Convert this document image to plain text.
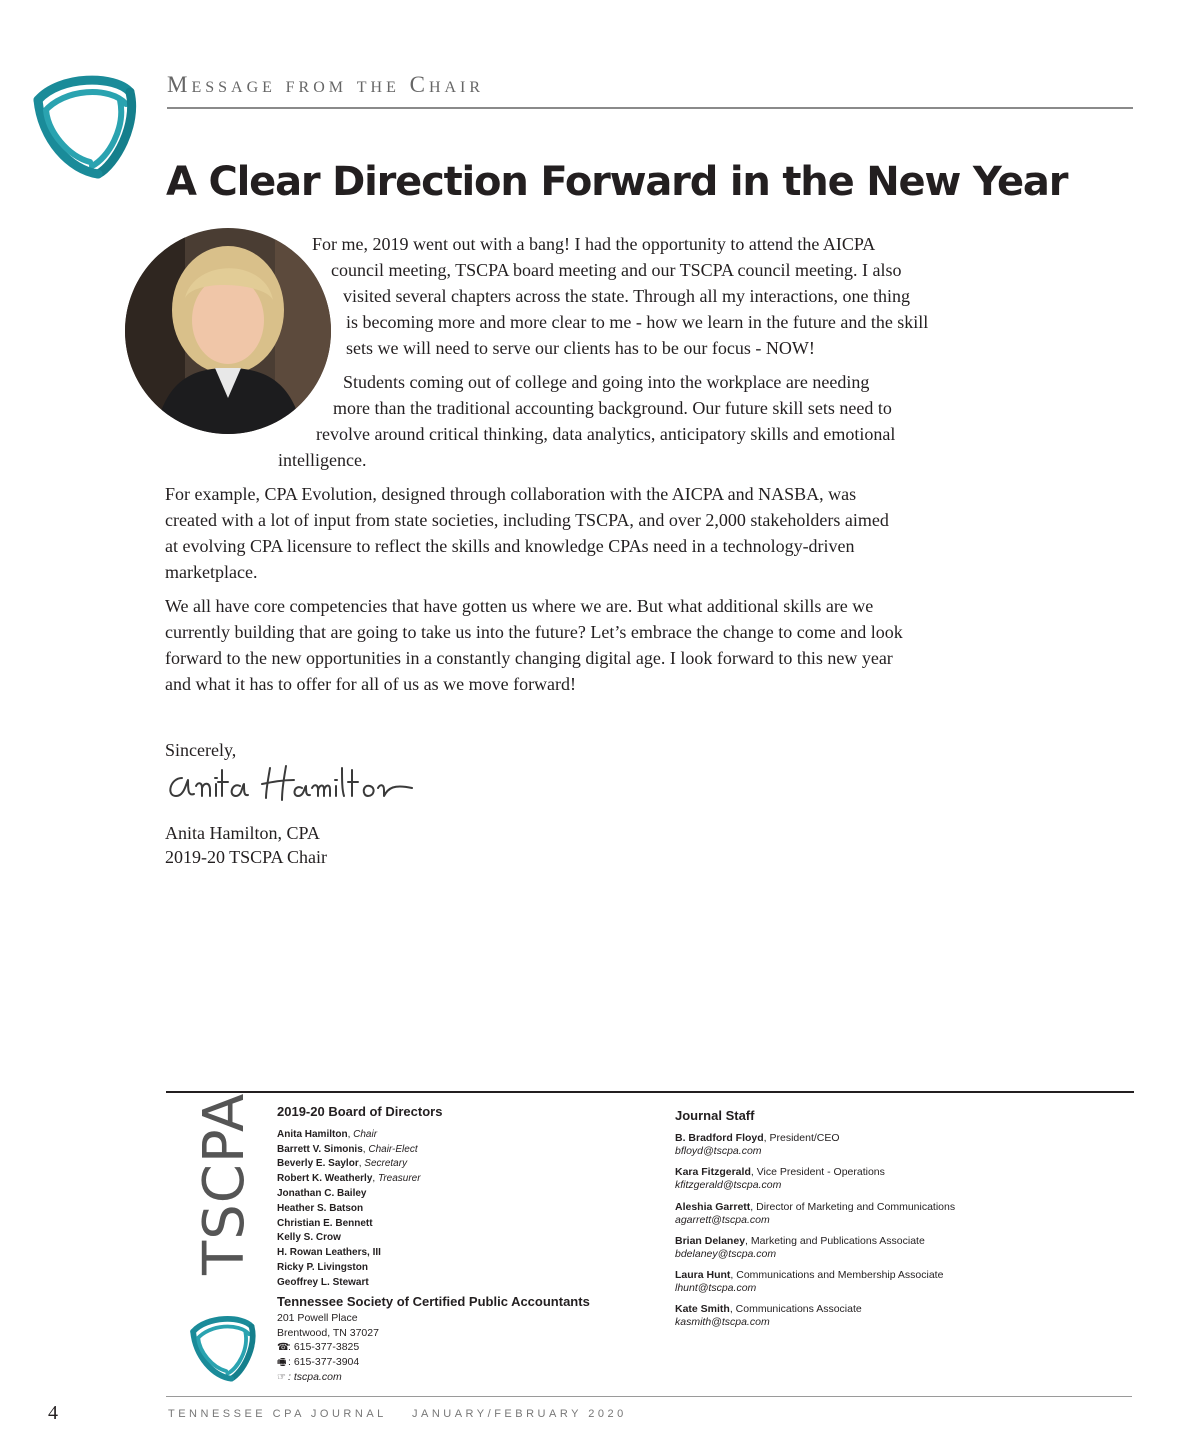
Message from the Chair
A Clear Direction Forward in the New Year
For me, 2019 went out with a bang! I had the opportunity to attend the AICPA
council meeting, TSCPA board meeting and our TSCPA council meeting. I also
visited several chapters across the state. Through all my interactions, one thing
is becoming more and more clear to me - how we learn in the future and the skill
sets we will need to serve our clients has to be our focus - NOW!
Students coming out of college and going into the workplace are needing
more than the traditional accounting background. Our future skill sets need to
revolve around critical thinking, data analytics, anticipatory skills and emotional
intelligence.
For example, CPA Evolution, designed through collaboration with the AICPA and NASBA, was
created with a lot of input from state societies, including TSCPA, and over 2,000 stakeholders aimed
at evolving CPA licensure to reflect the skills and knowledge CPAs need in a technology-driven
marketplace.
We all have core competencies that have gotten us where we are. But what additional skills are we
currently building that are going to take us into the future? Let’s embrace the change to come and look
forward to the new opportunities in a constantly changing digital age. I look forward to this new year
and what it has to offer for all of us as we move forward!
Sincerely,
Anita Hamilton, CPA
2019-20 TSCPA Chair
TSCPA 2019-20 Board of Directors
Anita Hamilton, Chair
Barrett V. Simonis, Chair-Elect
Beverly E. Saylor, Secretary
Robert K. Weatherly, Treasurer
Jonathan C. Bailey
Heather S. Batson
Christian E. Bennett
Kelly S. Crow
H. Rowan Leathers, III
Ricky P. Livingston
Geoffrey L. Stewart
Tennessee Society of Certified Public Accountants
201 Powell Place
Brentwood, TN 37027
☎: 615-377-3825
🖷 : 615-377-3904
☞ : tscpa.com
Journal Staff
B. Bradford Floyd, President/CEO
bfloyd@tscpa.com
Kara Fitzgerald, Vice President - Operations
kfitzgerald@tscpa.com
Aleshia Garrett, Director of Marketing and Communications
agarrett@tscpa.com
Brian Delaney, Marketing and Publications Associate
bdelaney@tscpa.com
Laura Hunt, Communications and Membership Associate
lhunt@tscpa.com
Kate Smith, Communications Associate
kasmith@tscpa.com
4	TENNESSEE CPA JOURNAL JANUARY/FEBRUARY 2020
